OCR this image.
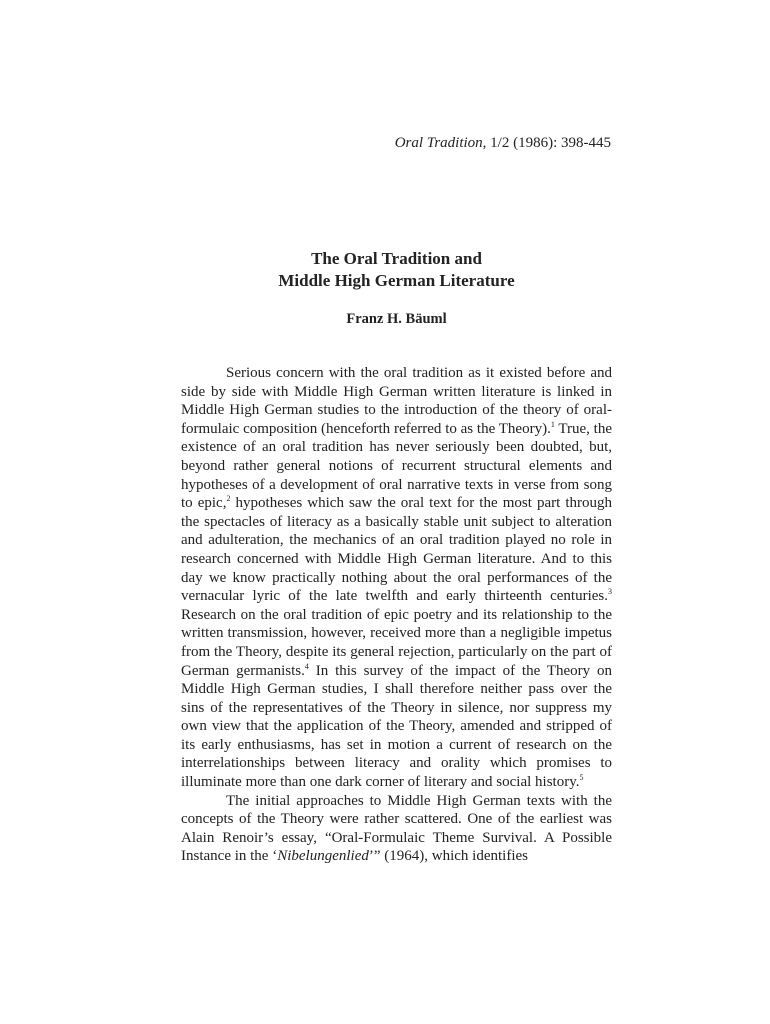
Oral Tradition, 1/2 (1986): 398-445
The Oral Tradition and
Middle High German Literature
Franz H. Bäuml

Serious concern with the oral tradition as it existed before and side by side with Middle High German written literature is linked in Middle High German studies to the introduction of the theory of oral-formulaic composition (henceforth referred to as the Theory).$^1$ True, the existence of an oral tradition has never seriously been doubted, but, beyond rather general notions of recurrent structural elements and hypotheses of a development of oral narrative texts in verse from song to epic,$^2$ hypotheses which saw the oral text for the most part through the spectacles of literacy as a basically stable unit subject to alteration and adulteration, the mechanics of an oral tradition played no role in research concerned with Middle High German literature. And to this day we know practically nothing about the oral performances of the vernacular lyric of the late twelfth and early thirteenth centuries.$^3$ Research on the oral tradition of epic poetry and its relationship to the written transmission, however, received more than a negligible impetus from the Theory, despite its general rejection, particularly on the part of German germanists.$^4$ In this survey of the impact of the Theory on Middle High German studies, I shall therefore neither pass over the sins of the representatives of the Theory in silence, nor suppress my own view that the application of the Theory, amended and stripped of its early enthusiasms, has set in motion a current of research on the interrelationships between literacy and orality which promises to illuminate more than one dark corner of literary and social history.$^5$

The initial approaches to Middle High German texts with the concepts of the Theory were rather scattered. One of the earliest was Alain Renoir’s essay, “Oral-Formulaic Theme Survival. A Possible Instance in the ‘Nibelungenlied’” (1964), which identifies
